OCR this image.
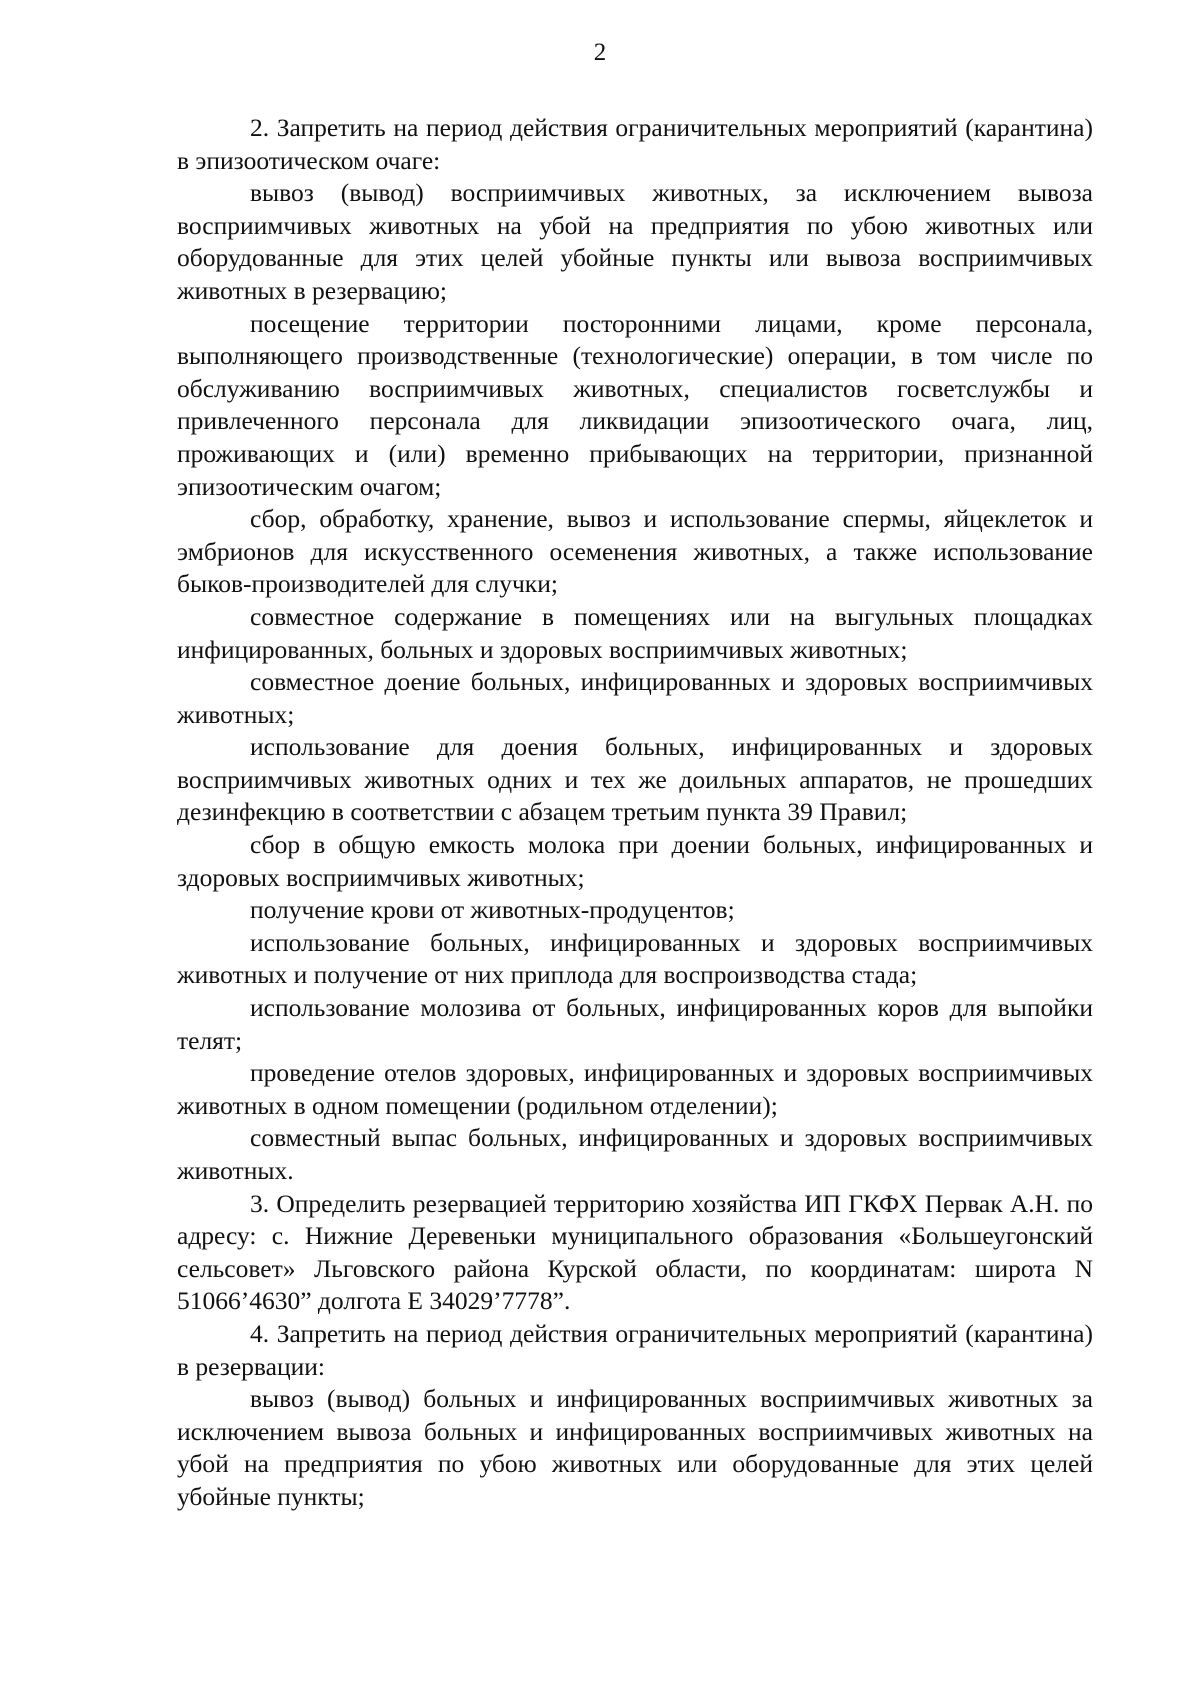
2

2. Запретить на период действия ограничительных мероприятий (карантина) в эпизоотическом очаге:

вывоз (вывод) восприимчивых животных, за исключением вывоза восприимчивых животных на убой на предприятия по убою животных или оборудованные для этих целей убойные пункты или вывоза восприимчивых животных в резервацию;

посещение территории посторонними лицами, кроме персонала, выполняющего производственные (технологические) операции, в том числе по обслуживанию восприимчивых животных, специалистов госветслужбы и привлеченного персонала для ликвидации эпизоотического очага, лиц, проживающих и (или) временно прибывающих на территории, признанной эпизоотическим очагом;

сбор, обработку, хранение, вывоз и использование спермы, яйцеклеток и эмбрионов для искусственного осеменения животных, а также использование быков-производителей для случки;

совместное содержание в помещениях или на выгульных площадках инфицированных, больных и здоровых восприимчивых животных;

совместное доение больных, инфицированных и здоровых восприимчивых животных;

использование для доения больных, инфицированных и здоровых восприимчивых животных одних и тех же доильных аппаратов, не прошедших дезинфекцию в соответствии с абзацем третьим пункта 39 Правил;

сбор в общую емкость молока при доении больных, инфицированных и здоровых восприимчивых животных;

получение крови от животных-продуцентов;

использование больных, инфицированных и здоровых восприимчивых животных и получение от них приплода для воспроизводства стада;

использование молозива от больных, инфицированных коров для выпойки телят;

проведение отелов здоровых, инфицированных и здоровых восприимчивых животных в одном помещении (родильном отделении);

совместный выпас больных, инфицированных и здоровых восприимчивых животных.

3. Определить резервацией территорию хозяйства ИП ГКФХ Первак А.Н. по адресу: с. Нижние Деревеньки муниципального образования «Большеугонский сельсовет» Льговского района Курской области, по координатам: широта N 51066’4630” долгота E 34029’7778”.

4. Запретить на период действия ограничительных мероприятий (карантина) в резервации:

вывоз (вывод) больных и инфицированных восприимчивых животных за исключением вывоза больных и инфицированных восприимчивых животных на убой на предприятия по убою животных или оборудованные для этих целей убойные пункты;
